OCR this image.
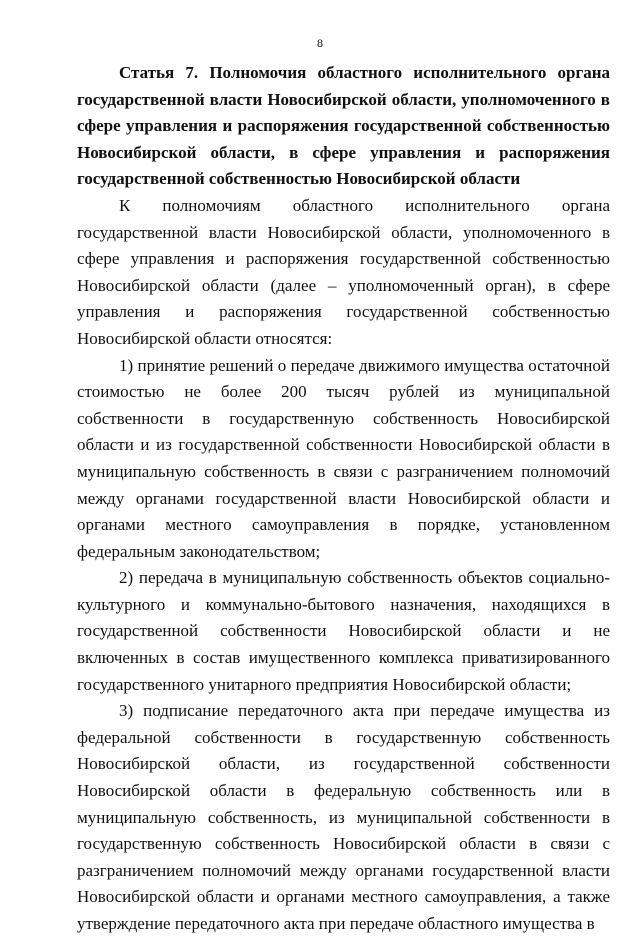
8

Статья 7. Полномочия областного исполнительного органа государственной власти Новосибирской области, уполномоченного в сфере управления и распоряжения государственной собственностью Новосибирской области, в сфере управления и распоряжения государственной собственностью Новосибирской области

К полномочиям областного исполнительного органа государственной власти Новосибирской области, уполномоченного в сфере управления и распоряжения государственной собственностью Новосибирской области (далее – уполномоченный орган), в сфере управления и распоряжения государственной собственностью Новосибирской области относятся:

1) принятие решений о передаче движимого имущества остаточной стоимостью не более 200 тысяч рублей из муниципальной собственности в государственную собственность Новосибирской области и из государственной собственности Новосибирской области в муниципальную собственность в связи с разграничением полномочий между органами государственной власти Новосибирской области и органами местного самоуправления в порядке, установленном федеральным законодательством;

2) передача в муниципальную собственность объектов социально-культурного и коммунально-бытового назначения, находящихся в государственной собственности Новосибирской области и не включенных в состав имущественного комплекса приватизированного государственного унитарного предприятия Новосибирской области;

3) подписание передаточного акта при передаче имущества из федеральной собственности в государственную собственность Новосибирской области, из государственной собственности Новосибирской области в федеральную собственность или в муниципальную собственность, из муниципальной собственности в государственную собственность Новосибирской области в связи с разграничением полномочий между органами государственной власти Новосибирской области и органами местного самоуправления, а также утверждение передаточного акта при передаче областного имущества в
